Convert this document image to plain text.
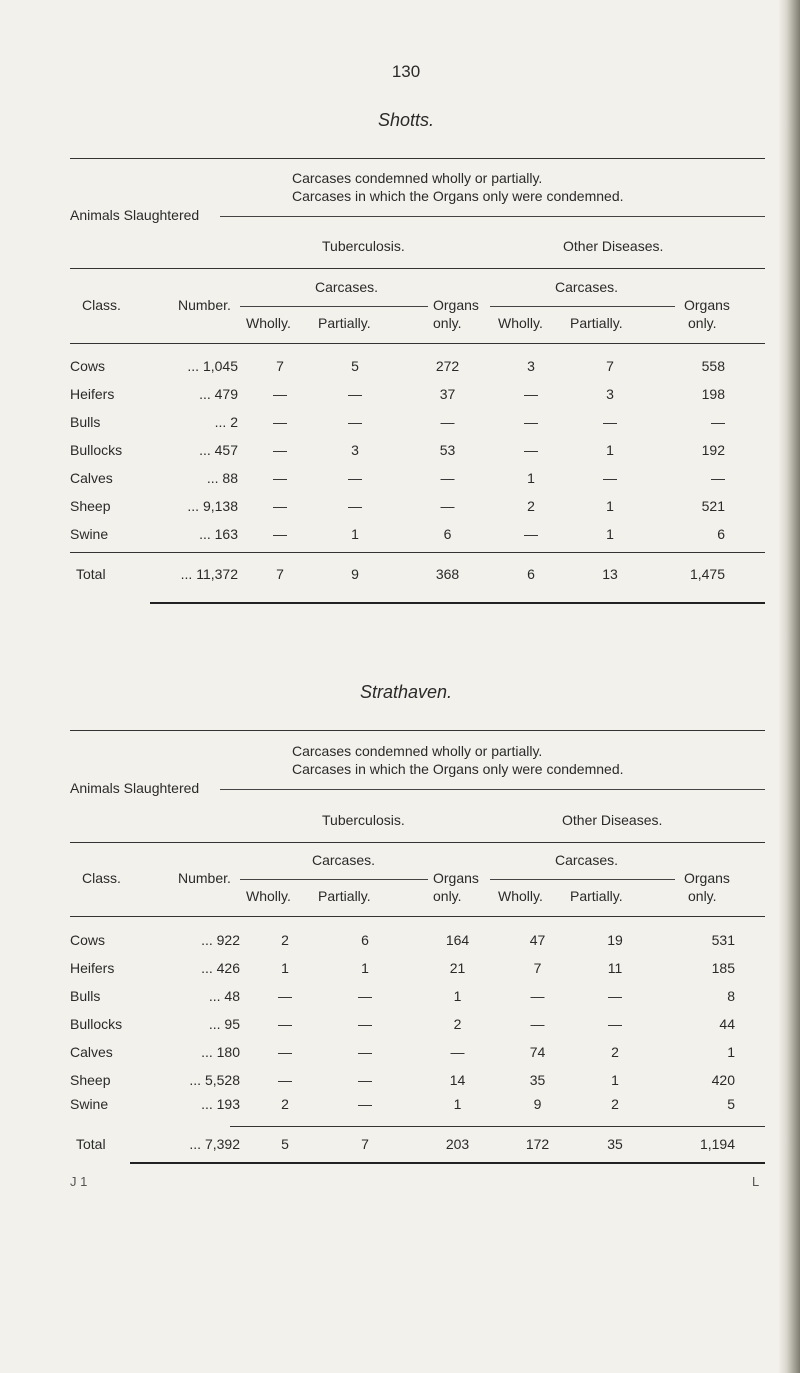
130
Shotts.
Carcases condemned wholly or partially.
Carcases in which the Organs only were condemned.
Animals Slaughtered
Tuberculosis.	Other Diseases.
Carcases.	Carcases.
Class.	Number.	Organs	Organs
Wholly. Partially.	only.	Wholly. Partially.	only.
Cows	... 1,045	7	5	272	3	7	558
Heifers	... 479	—	—	37	—	3	198
Bulls	... 2	—	—	—	—	—	—
Bullocks	... 457	—	3	53	—	1	192
Calves	... 88	—	—	—	1	—	—
Sheep	... 9,138	—	—	—	2	1	521
Swine	... 163	—	1	6	—	1	6
Total	... 11,372	7	9	368	6	13	1,475
Strathaven.
Carcases condemned wholly or partially.
Carcases in which the Organs only were condemned.
Animals Slaughtered
Tuberculosis.	Other Diseases.
Carcases.	Carcases.
Class.	Number.	Organs	Organs
Wholly. Partially.	only.	Wholly. Partially.	only.
Cows	... 922	2	6	164	47	19	531
Heifers	... 426	1	1	21	7	11	185
Bulls	... 48	—	—	1	—	—	8
Bullocks	... 95	—	—	2	—	—	44
Calves	... 180	—	—	—	74	2	1
Sheep	... 5,528	—	—	14	35	1	420
Swine	... 193	2	—	1	9	2	5
Total	... 7,392	5	7	203	172	35	1,194
J 1	L
